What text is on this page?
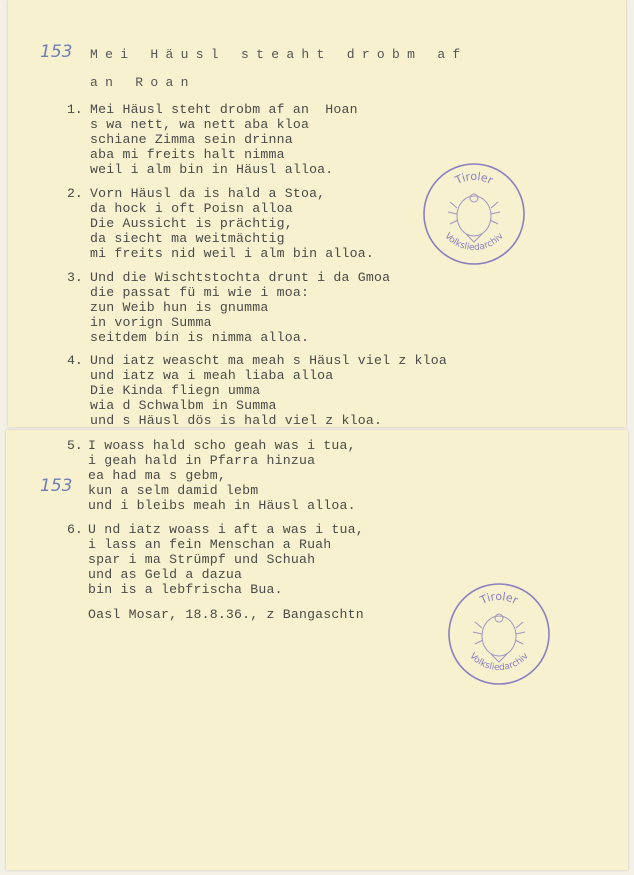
153
153
Mei Häusl steaht drobm af
an Roan
1. Mei Häusl steht drobm af an  Hoan
s wa nett, wa nett aba kloa
schiane Zimma sein drinna
aba mi freits halt nimma
weil i alm bin in Häusl alloa.
2. Vorn Häusl da is hald a Stoa,
da hock i oft Poisn alloa
Die Aussicht is prächtig,
da siecht ma weitmächtig
mi freits nid weil i alm bin alloa.
3. Und die Wischtstochta drunt i da Gmoa
die passat fü mi wie i moa:
zun Weib hun is gnumma
in vorign Summa
seitdem bin is nimma alloa.
4. Und iatz weascht ma meah s Häusl viel z kloa
und iatz wa i meah liaba alloa
Die Kinda fliegn umma
wia d Schwalbm in Summa
und s Häusl dös is hald viel z kloa.
5. I woass hald scho geah was i tua,
i geah hald in Pfarra hinzua
ea had ma s gebm,
kun a selm damid lebm
und i bleibs meah in Häusl alloa.
6. U nd iatz woass i aft a was i tua,
i lass an fein Menschan a Ruah
spar i ma Strümpf und Schuah
und as Geld a dazua
bin is a lebfrischa Bua.
Oasl Mosar, 18.8.36., z Bangaschtn
Tiroler
Volksliedarchiv
Tiroler
Volksliedarchiv
